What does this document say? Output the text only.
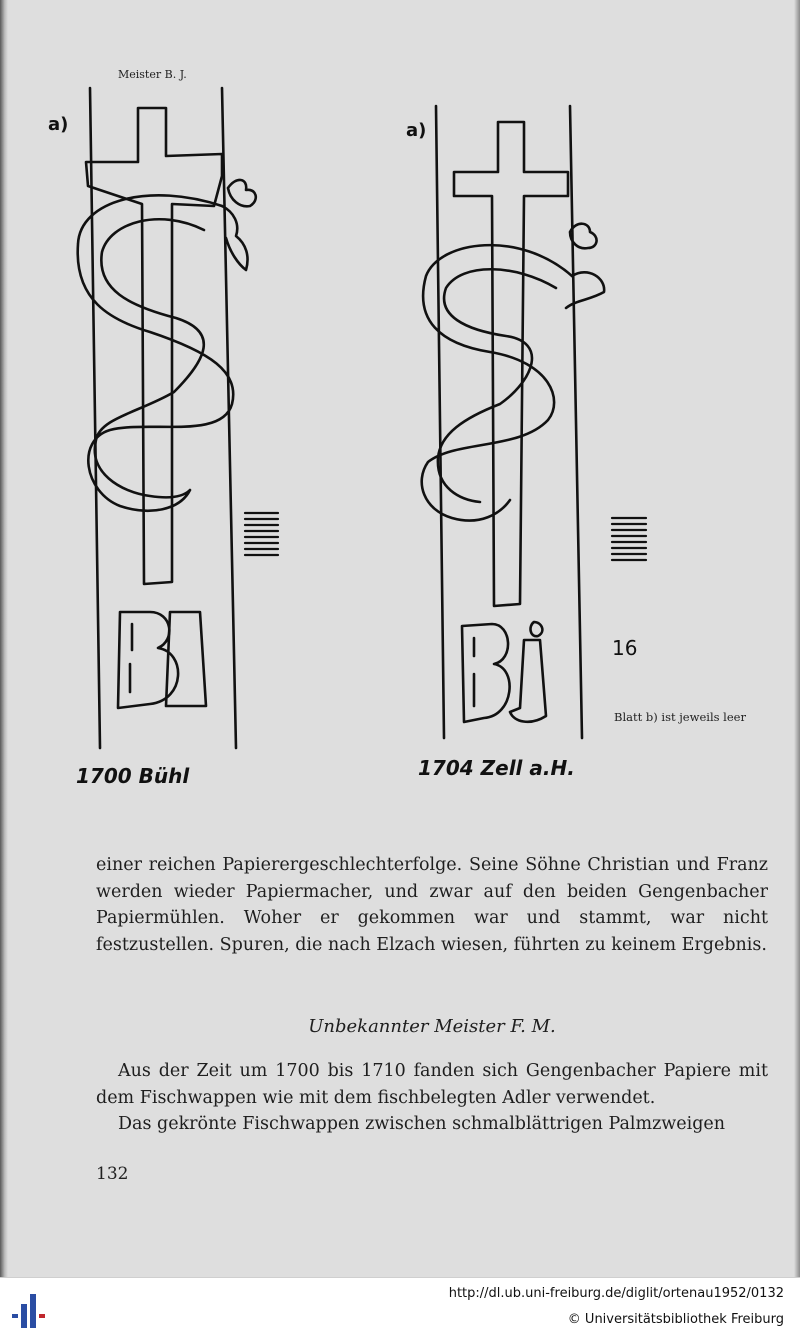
Meister B. J.
a)	a)
1700 Bühl	1704 Zell a.H.
16
Blatt b) ist jeweils leer

einer reichen Papierergeschlechterfolge. Seine Söhne Christian und Franz werden wieder Papiermacher, und zwar auf den beiden Gengenbacher Papiermühlen. Woher er gekommen war und stammt, war nicht festzustellen. Spuren, die nach Elzach wiesen, führten zu keinem Ergebnis.

Unbekannter Meister F. M.

Aus der Zeit um 1700 bis 1710 fanden sich Gengenbacher Papiere mit dem Fischwappen wie mit dem fischbelegten Adler verwendet.

Das gekrönte Fischwappen zwischen schmalblättrigen Palmzweigen

132
http://dl.ub.uni-freiburg.de/diglit/ortenau1952/0132
© Universitätsbibliothek Freiburg
